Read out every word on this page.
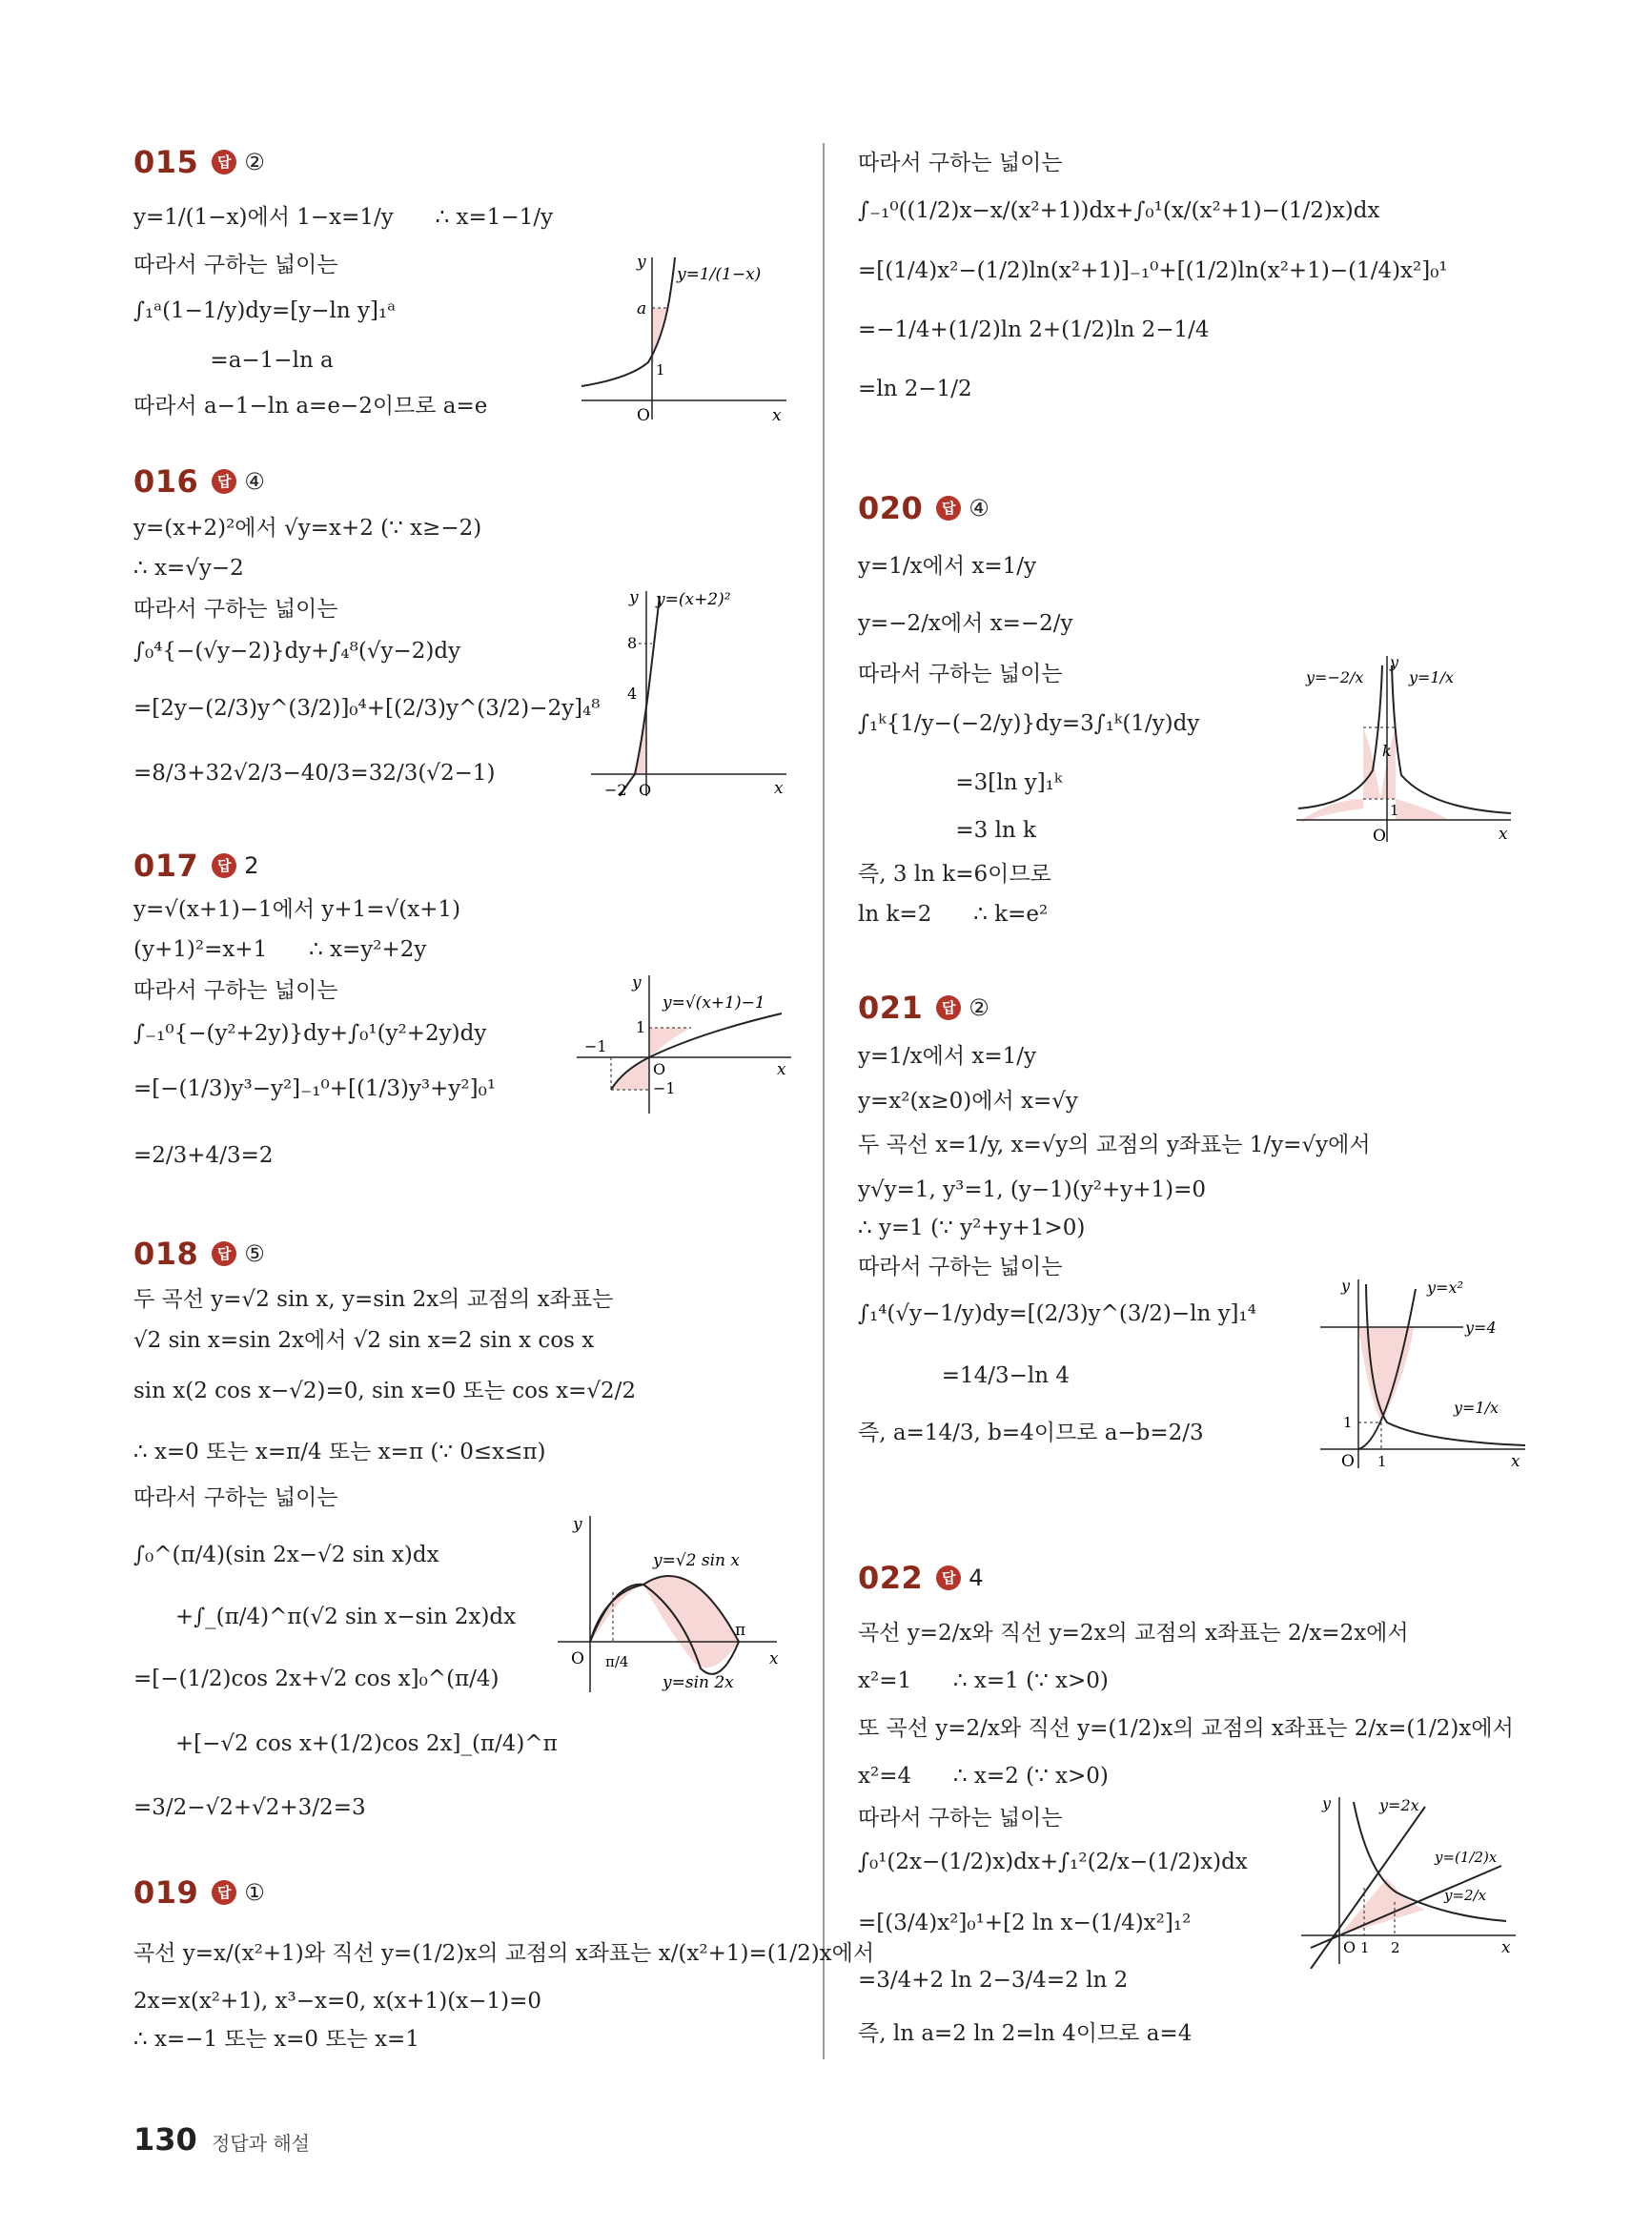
015	답 ②
y=1/(1−x)에서 1−x=1/y      ∴ x=1−1/y
따라서 구하는 넓이는
∫₁ᵃ(1−1/y)dy=[y−ln y]₁ᵃ
=a−1−ln a
따라서 a−1−ln a=e−2이므로 a=e
y
y=1/(1−x)
a
1
O	x
016	답 ④
y=(x+2)²에서 √y=x+2 (∵ x≥−2)
∴ x=√y−2
따라서 구하는 넓이는
∫₀⁴{−(√y−2)}dy+∫₄⁸(√y−2)dy
=[2y−(2/3)y^(3/2)]₀⁴+[(2/3)y^(3/2)−2y]₄⁸
=8/3+32√2/3−40/3=32/3(√2−1)
y y=(x+2)²
8
4
−2 O	x
017	답 2
y=√(x+1)−1에서 y+1=√(x+1)
(y+1)²=x+1      ∴ x=y²+2y
따라서 구하는 넓이는
∫₋₁⁰{−(y²+2y)}dy+∫₀¹(y²+2y)dy
=[−(1/3)y³−y²]₋₁⁰+[(1/3)y³+y²]₀¹
=2/3+4/3=2
y
1
y=√(x+1)−1
−1
O
−1
x
018	답 ⑤
두 곡선 y=√2 sin x, y=sin 2x의 교점의 x좌표는
√2 sin x=sin 2x에서 √2 sin x=2 sin x cos x
sin x(2 cos x−√2)=0, sin x=0 또는 cos x=√2/2
∴ x=0 또는 x=π/4 또는 x=π (∵ 0≤x≤π)
따라서 구하는 넓이는
∫₀^(π/4)(sin 2x−√2 sin x)dx
+∫_(π/4)^π(√2 sin x−sin 2x)dx
=[−(1/2)cos 2x+√2 cos x]₀^(π/4)
+[−√2 cos x+(1/2)cos 2x]_(π/4)^π
=3/2−√2+√2+3/2=3
y
y=√2 sin x
O π/4
π
x
y=sin 2x
019	답 ①
곡선 y=x/(x²+1)와 직선 y=(1/2)x의 교점의 x좌표는 x/(x²+1)=(1/2)x에서
2x=x(x²+1), x³−x=0, x(x+1)(x−1)=0
∴ x=−1 또는 x=0 또는 x=1
따라서 구하는 넓이는
∫₋₁⁰((1/2)x−x/(x²+1))dx+∫₀¹(x/(x²+1)−(1/2)x)dx
=[(1/4)x²−(1/2)ln(x²+1)]₋₁⁰+[(1/2)ln(x²+1)−(1/4)x²]₀¹
=−1/4+(1/2)ln 2+(1/2)ln 2−1/4
=ln 2−1/2
020	답 ④
y=1/x에서 x=1/y
y=−2/x에서 x=−2/y
따라서 구하는 넓이는
∫₁ᵏ{1/y−(−2/y)}dy=3∫₁ᵏ(1/y)dy
=3[ln y]₁ᵏ
=3 ln k
즉, 3 ln k=6이므로
ln k=2      ∴ k=e²
y=−2/x
y
y=1/x
k
1
O	x
021	답 ②
y=1/x에서 x=1/y
y=x²(x≥0)에서 x=√y
두 곡선 x=1/y, x=√y의 교점의 y좌표는 1/y=√y에서
y√y=1, y³=1, (y−1)(y²+y+1)=0
∴ y=1 (∵ y²+y+1>0)
따라서 구하는 넓이는
∫₁⁴(√y−1/y)dy=[(2/3)y^(3/2)−ln y]₁⁴
=14/3−ln 4
즉, a=14/3, b=4이므로 a−b=2/3
y	y=x²
y=4
y=1/x
1
O 1	x
022	답 4
곡선 y=2/x와 직선 y=2x의 교점의 x좌표는 2/x=2x에서
x²=1      ∴ x=1 (∵ x>0)
또 곡선 y=2/x와 직선 y=(1/2)x의 교점의 x좌표는 2/x=(1/2)x에서
x²=4      ∴ x=2 (∵ x>0)
따라서 구하는 넓이는
∫₀¹(2x−(1/2)x)dx+∫₁²(2/x−(1/2)x)dx
=[(3/4)x²]₀¹+[2 ln x−(1/4)x²]₁²
=3/4+2 ln 2−3/4=2 ln 2
즉, ln a=2 ln 2=ln 4이므로 a=4
y	y=2x
y=(1/2)x
y=2/x
O 1 2	x
130 정답과 해설
